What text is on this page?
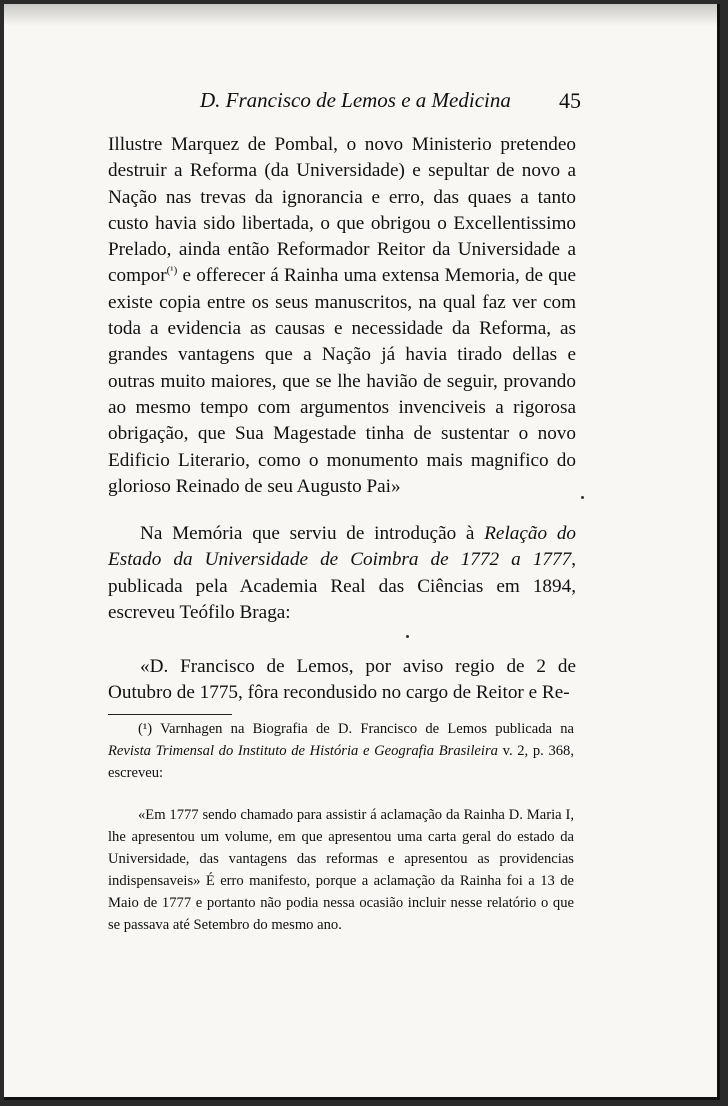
D. Francisco de Lemos e a Medicina 45

Illustre Marquez de Pombal, o novo Ministerio pretendeo destruir a Reforma (da Universidade) e sepultar de novo a Nação nas trevas da ignorancia e erro, das quaes a tanto custo havia sido libertada, o que obrigou o Excellentissimo Prelado, ainda então Reformador Reitor da Universidade a compor$^{(^1)}$ e offerecer á Rainha uma extensa Memoria, de que existe copia entre os seus manuscritos, na qual faz ver com toda a evidencia as causas e necessidade da Reforma, as grandes vantagens que a Nação já havia tirado dellas e outras muito maiores, que se lhe havião de seguir, provando ao mesmo tempo com argumentos invenciveis a rigorosa obrigação, que Sua Magestade tinha de sustentar o novo Edificio Literario, como o monumento mais magnifico do glorioso Reinado de seu Augusto Pai»

Na Memória que serviu de introdução à Relação do Estado da Universidade de Coimbra de 1772 a 1777, publicada pela Academia Real das Ciências em 1894, escreveu Teófilo Braga:

«D. Francisco de Lemos, por aviso regio de 2 de Outubro de 1775, fôra recondusido no cargo de Reitor e Re-

(¹) Varnhagen na Biografia de D. Francisco de Lemos publicada na Revista Trimensal do Instituto de História e Geografia Brasileira v. 2, p. 368, escreveu:

«Em 1777 sendo chamado para assistir á aclamação da Rainha D. Maria I, lhe apresentou um volume, em que apresentou uma carta geral do estado da Universidade, das vantagens das reformas e apresentou as providencias indispensaveis» É erro manifesto, porque a aclamação da Rainha foi a 13 de Maio de 1777 e portanto não podia nessa ocasião incluir nesse relatório o que se passava até Setembro do mesmo ano.
